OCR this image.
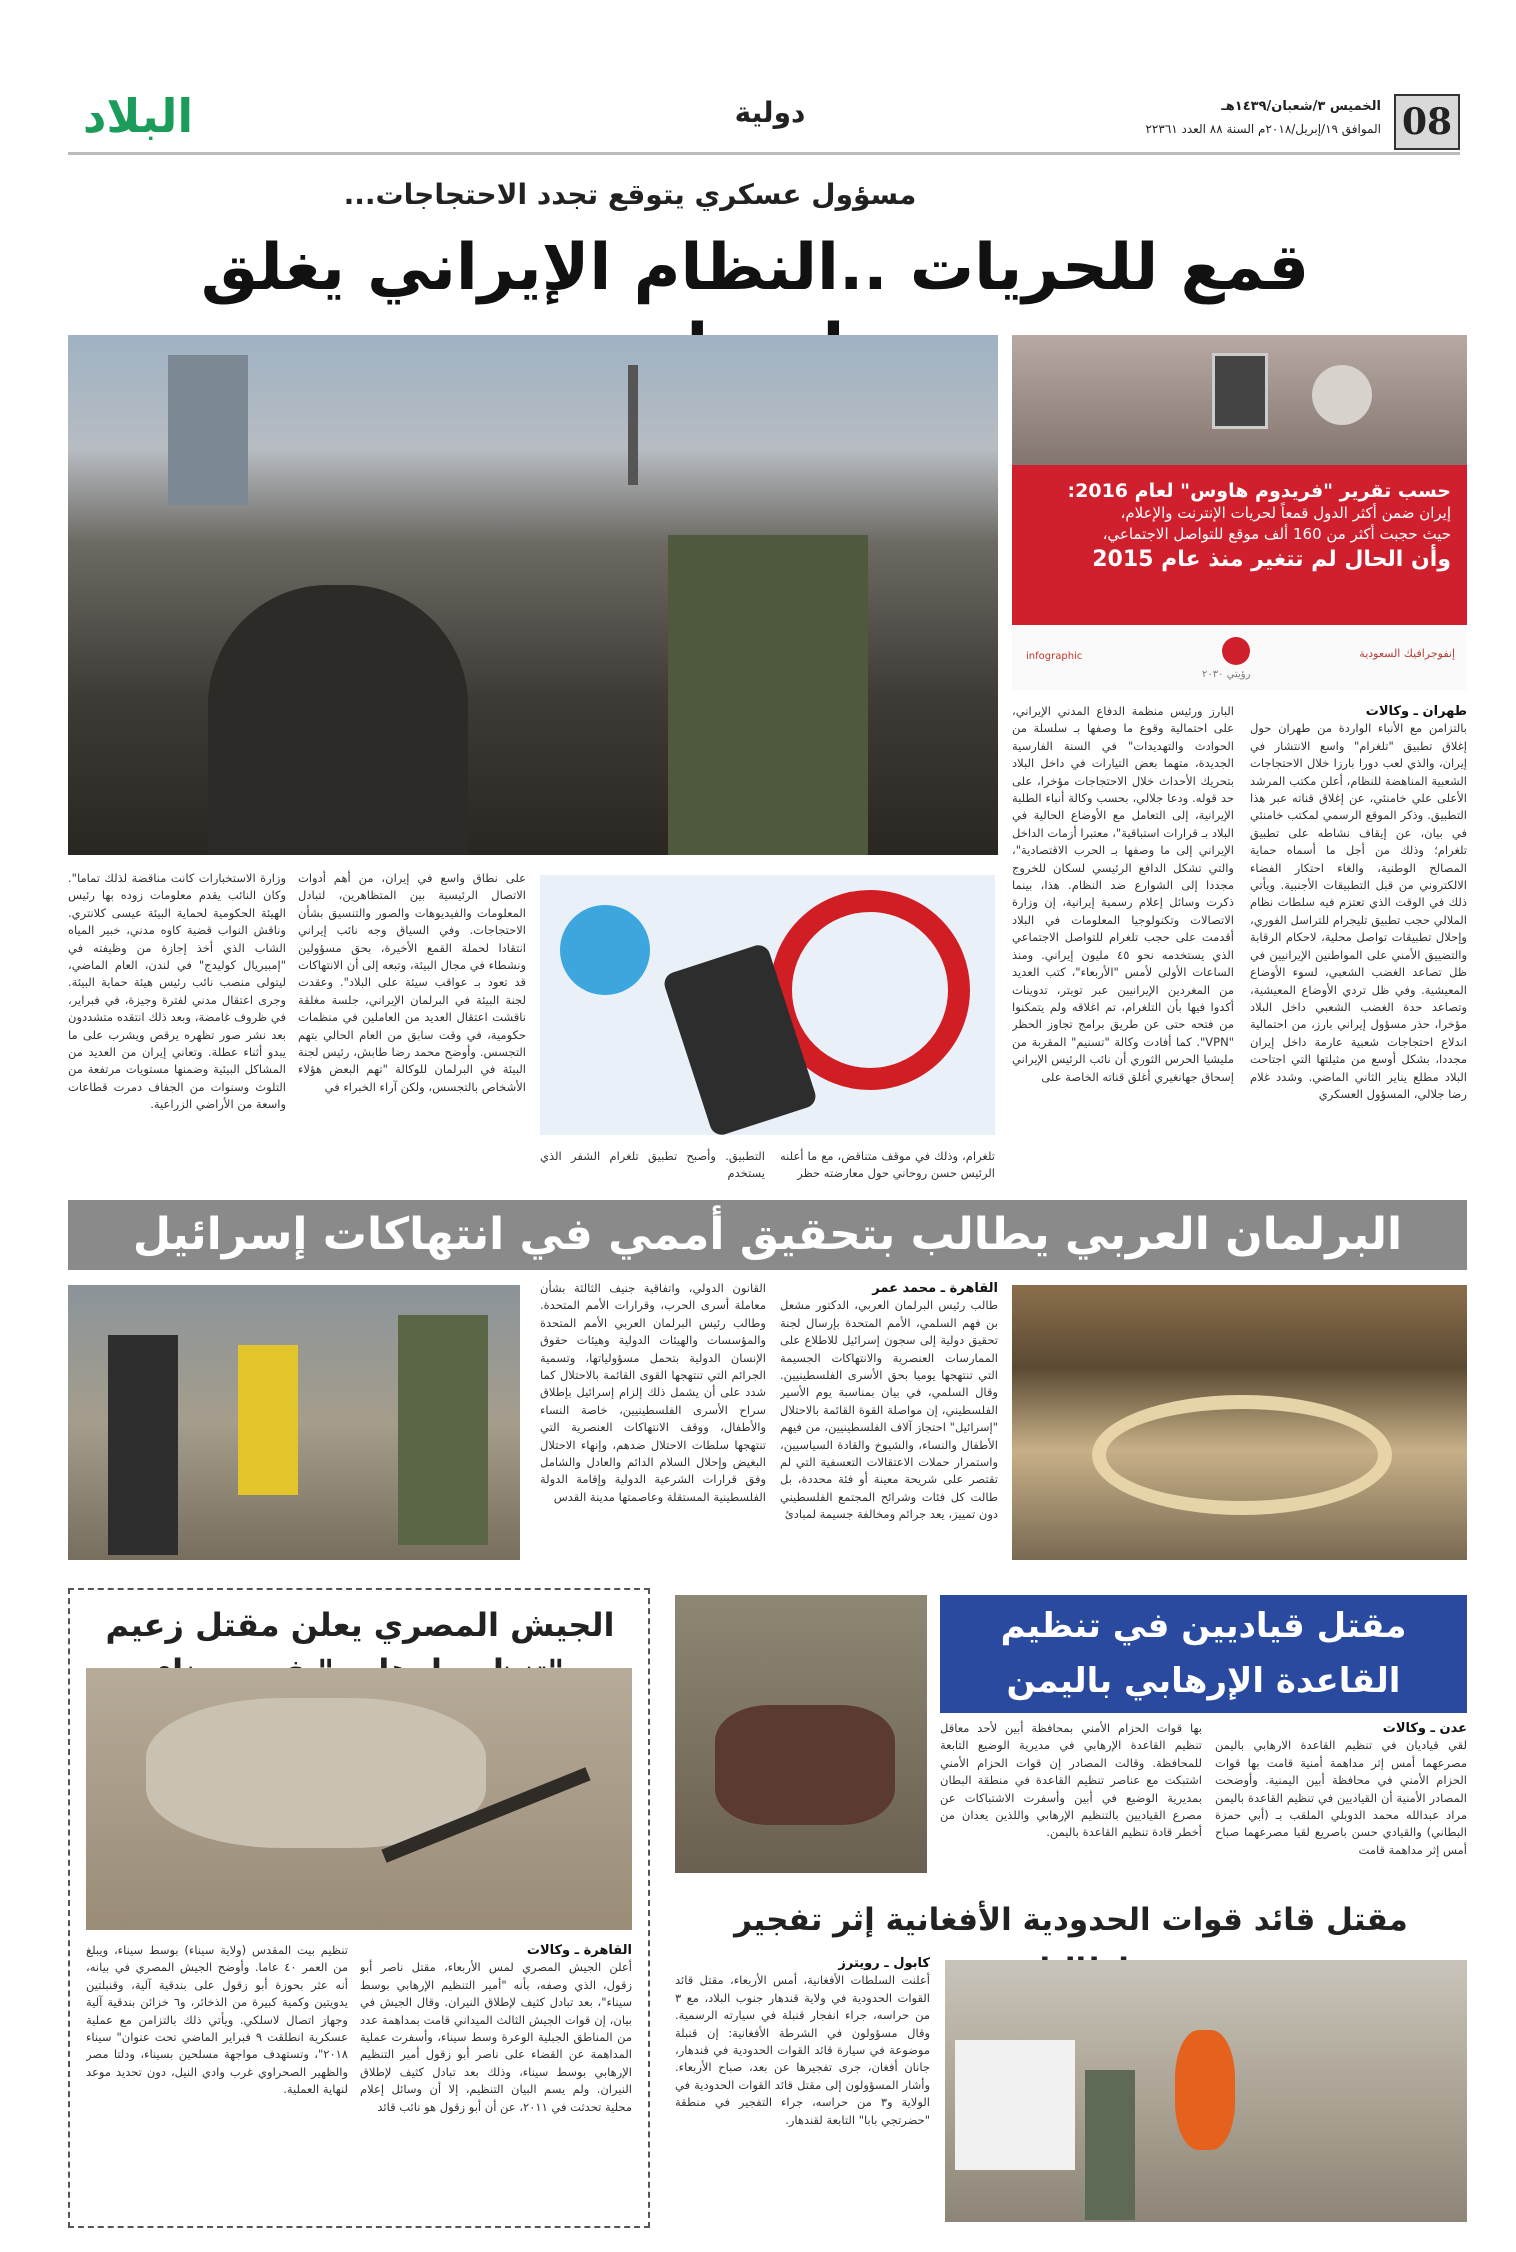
08
الخميس ٣/شعبان/١٤٣٩هـ
الموافق ١٩/إبريل/٢٠١٨م السنة ٨٨ العدد ٢٢٣٦١
دولية
البلاد
مسؤول عسكري يتوقع تجدد الاحتجاجات...
قمع للحريات ..النظام الإيراني يغلق
حسب تقرير "فريدوم هاوس" لعام 2016:
إيران ضمن أكثر الدول قمعاً لحريات الإنترنت والإعلام،
حيث حجبت أكثر من 160 ألف موقع للتواصل الاجتماعي،
وأن الحال لم تتغير منذ عام 2015
إنفوجرافيك السعودية
رؤيتي ٢٠٣٠
infographic
طهران ـ وكالات

بالتزامن مع الأنباء الواردة من طهران حول إغلاق تطبيق "تلغرام" واسع الانتشار في إيران، والذي لعب دورا بارزا خلال الاحتجاجات الشعبية المناهضة للنظام، أعلن مكتب المرشد الأعلى علي خامنئي، عن إغلاق قناته عبر هذا التطبيق. وذكر الموقع الرسمي لمكتب خامنئي في بيان، عن إيقاف نشاطه على تطبيق تلغرام؛ وذلك من أجل ما أسماه حماية المصالح الوطنية، والغاء احتكار الفضاء الالكتروني من قبل التطبيقات الأجنبية. ويأتي ذلك في الوقت الذي تعتزم فيه سلطات نظام الملالي حجب تطبيق تليجرام للتراسل الفوري، وإحلال تطبيقات تواصل محلية، لاحكام الرقابة والتضييق الأمني على المواطنين الإيرانيين في ظل تصاعد الغضب الشعبي، لسوء الأوضاع المعيشية. وفي ظل تردي الأوضاع المعيشية، وتصاعد حدة الغضب الشعبي داخل البلاد مؤخرا، حذر مسؤول إيراني بارز، من احتمالية اندلاع احتجاجات شعبية عارمة داخل إيران مجددا، بشكل أوسع من مثيلتها التي اجتاحت البلاد مطلع يناير الثاني الماضي. وشدد غلام رضا جلالي، المسؤول العسكري

البارز ورئيس منظمة الدفاع المدني الإيراني، على احتمالية وقوع ما وصفها بـ سلسلة من الحوادث والتهديدات" في السنة الفارسية الجديدة، متهما بعض التيارات في داخل البلاد بتحريك الأحداث خلال الاحتجاجات مؤخرا، على حد قوله. ودعا جلالي، بحسب وكالة أنباء الطلبة الإيرانية، إلى التعامل مع الأوضاع الحالية في البلاد بـ قرارات استباقية"، معتبرا أزمات الداخل الإيراني إلى ما وصفها بـ الحرب الاقتصادية"، والتي تشكل الدافع الرئيسي لسكان للخروج مجددا إلى الشوارع ضد النظام. هذا، بينما ذكرت وسائل إعلام رسمية إيرانية، إن وزارة الاتصالات وتكنولوجيا المعلومات في البلاد أقدمت على حجب تلغرام للتواصل الاجتماعي الذي يستخدمه نحو ٤٥ مليون إيراني. ومنذ الساعات الأولى لأمس "الأربعاء"، كتب العديد من المغردين الإيرانيين عبر تويتر، تدوينات أكدوا فيها بأن التلغرام، تم اغلاقه ولم يتمكنوا من فتحه حتى عن طريق برامج تجاوز الحظر "VPN". كما أفادت وكالة "تسنيم" المقربة من مليشيا الحرس الثوري أن نائب الرئيس الإيراني إسحاق جهانغيري أغلق قناته الخاصة على

تلغرام، وذلك في موقف متناقض، مع ما أعلنه الرئيس حسن روحاني حول معارضته حظر

التطبيق. وأصبح تطبيق تلغرام الشفر الذي يستخدم

على نطاق واسع في إيران، من أهم أدوات الاتصال الرئيسية بين المتظاهرين، لتبادل المعلومات والفيديوهات والصور والتنسيق بشأن الاحتجاجات. وفي السياق وجه نائب إيراني انتقادا لحملة القمع الأخيرة، بحق مسؤولين ونشطاء في مجال البيئة، وتبعه إلى أن الانتهاكات قد تعود بـ عواقب سيئة على البلاد". وعقدت لجنة البيئة في البرلمان الإيراني، جلسة مغلقة ناقشت اعتقال العديد من العاملين في منظمات حكومية، في وقت سابق من العام الحالي بتهم التجسس. وأوضح محمد رضا طابش، رئيس لجنة البيئة في البرلمان للوكالة "تهم البعض هؤلاء الأشخاص بالتجسس، ولكن آراء الخبراء في

وزارة الاستخبارات كانت مناقضة لذلك تماما". وكان النائب يقدم معلومات زوده بها رئيس الهيئة الحكومية لحماية البيئة عيسى كلانتري. وناقش النواب قضية كاوه مدني، خبير المياه الشاب الذي أخذ إجازة من وظيفته في "إمبيريال كوليدج" في لندن، العام الماضي، ليتولى منصب نائب رئيس هيئة حماية البيئة. وجرى اعتقال مدني لفترة وجيزة، في فبراير، في ظروف غامضة، وبعد ذلك انتقده متشددون بعد نشر صور تظهره يرقص ويشرب على ما يبدو أثناء عطلة. وتعاني إيران من العديد من المشاكل البيئية وضمنها مستويات مرتفعة من التلوث وسنوات من الجفاف دمرت قطاعات واسعة من الأراضي الزراعية.

البرلمان العربي يطالب بتحقيق أممي في انتهاكات إسرائيل
القاهرة ـ محمد عمر

طالب رئيس البرلمان العربي، الدكتور مشعل بن فهم السلمي، الأمم المتحدة بإرسال لجنة تحقيق دولية إلى سجون إسرائيل للاطلاع على الممارسات العنصرية والانتهاكات الجسيمة التي تنتهجها يوميا بحق الأسرى الفلسطينيين. وقال السلمي، في بيان بمناسبة يوم الأسير الفلسطيني، إن مواصلة القوة القائمة بالاحتلال "إسرائيل" احتجاز آلاف الفلسطينيين، من فيهم الأطفال والنساء، والشيوخ والقادة السياسيين، واستمرار حملات الاعتقالات التعسفية التي لم تقتصر على شريحة معينة أو فئة محددة، بل طالت كل فئات وشرائح المجتمع الفلسطيني دون تمييز، يعد جرائم ومخالفة جسيمة لمبادئ

القانون الدولي، واتفاقية جنيف الثالثة بشأن معاملة أسرى الحرب، وقرارات الأمم المتحدة. وطالب رئيس البرلمان العربي الأمم المتحدة والمؤسسات والهيئات الدولية وهيئات حقوق الإنسان الدولية بتحمل مسؤولياتها، وتسمية الجرائم التي تنتهجها القوى القائمة بالاحتلال كما شدد على أن يشمل ذلك إلزام إسرائيل بإطلاق سراح الأسرى الفلسطينيين، خاصة النساء والأطفال، ووقف الانتهاكات العنصرية التي تنتهجها سلطات الاحتلال ضدهم، وإنهاء الاحتلال البغيض وإحلال السلام الدائم والعادل والشامل وفق قرارات الشرعية الدولية وإقامة الدولة الفلسطينية المستقلة وعاصمتها مدينة القدس

الجيش المصري يعلن مقتل زعيم
القاهرة ـ وكالات

أعلن الجيش المصري لمس الأربعاء، مقتل ناصر أبو زقول، الذي وصفه، بأنه "أمير التنظيم الإرهابي بوسط سيناء"، بعد تبادل كثيف لإطلاق النيران. وقال الجيش في بيان، إن قوات الجيش الثالث الميداني قامت بمداهمة عدد من المناطق الجبلية الوعرة وسط سيناء، وأسفرت عملية المداهمة عن القضاء على ناصر أبو زقول أمير التنظيم الإرهابي بوسط سيناء، وذلك بعد تبادل كثيف لإطلاق النيران. ولم يسم البيان التنظيم، إلا أن وسائل إعلام محلية تحدثت في ٢٠١١، عن أن أبو زقول هو نائب قائد

تنظيم بيت المقدس (ولاية سيناء) بوسط سيناء، ويبلغ من العمر ٤٠ عاما. وأوضح الجيش المصري في بيانه، أنه عثر بحوزة أبو زقول على بندقية آلية، وقنبلتين يدويتين وكمية كبيرة من الذخائر، و٦ خزائن بندقية آلية وجهاز اتصال لاسلكي. ويأتي ذلك بالتزامن مع عملية عسكرية انطلقت ٩ فبراير الماضي تحت عنوان" سيناء ٢٠١٨"، وتستهدف مواجهة مسلحين بسيناء، ودلتا مصر والظهير الصحراوي غرب وادي النيل، دون تحديد موعد لنهاية العملية.

مقتل قياديين في تنظيم
القاعدة الإرهابي باليمن
عدن ـ وكالات

لقي قياديان في تنظيم القاعدة الارهابي باليمن مصرعهما أمس إثر مداهمة أمنية قامت بها قوات الحزام الأمني في محافظة أبين اليمنية. وأوضحت المصادر الأمنية أن القياديين في تنظيم القاعدة باليمن مراد عبدالله محمد الدوبلي الملقب بـ (أبي حمزة البطاني) والقيادي حسن باصريع لقيا مصرعهما صباح أمس إثر مداهمة قامت

بها قوات الحزام الأمني بمحافظة أبين لأحد معاقل تنظيم القاعدة الإرهابي في مديرية الوضيع التابعة للمحافظة. وقالت المصادر إن قوات الحزام الأمني اشتبكت مع عناصر تنظيم القاعدة في منطقة البطان بمديرية الوضيع في أبين وأسفرت الاشتباكات عن مصرع القياديين بالتنظيم الإرهابي واللذين يعدان من أخطر قادة تنظيم القاعدة باليمن.

مقتل قائد قوات الحدودية الأفغانية إثر تفجير
كابول ـ رويترز

أعلنت السلطات الأفغانية، أمس الأربعاء، مقتل قائد القوات الحدودية في ولاية قندهار جنوب البلاد، مع ٣ من حراسه، جراء انفجار قنبلة في سيارته الرسمية. وقال مسؤولون في الشرطة الأفغانية: إن قنبلة موضوعة في سيارة قائد القوات الحدودية في قندهار، جانان أفغان، جرى تفجيرها عن بعد، صباح الأربعاء. وأشار المسؤولون إلى مقتل قائد القوات الحدودية في الولاية و٣ من حراسه، جراء التفجير في منطقة "حضرتجي بابا" التابعة لقندهار.
